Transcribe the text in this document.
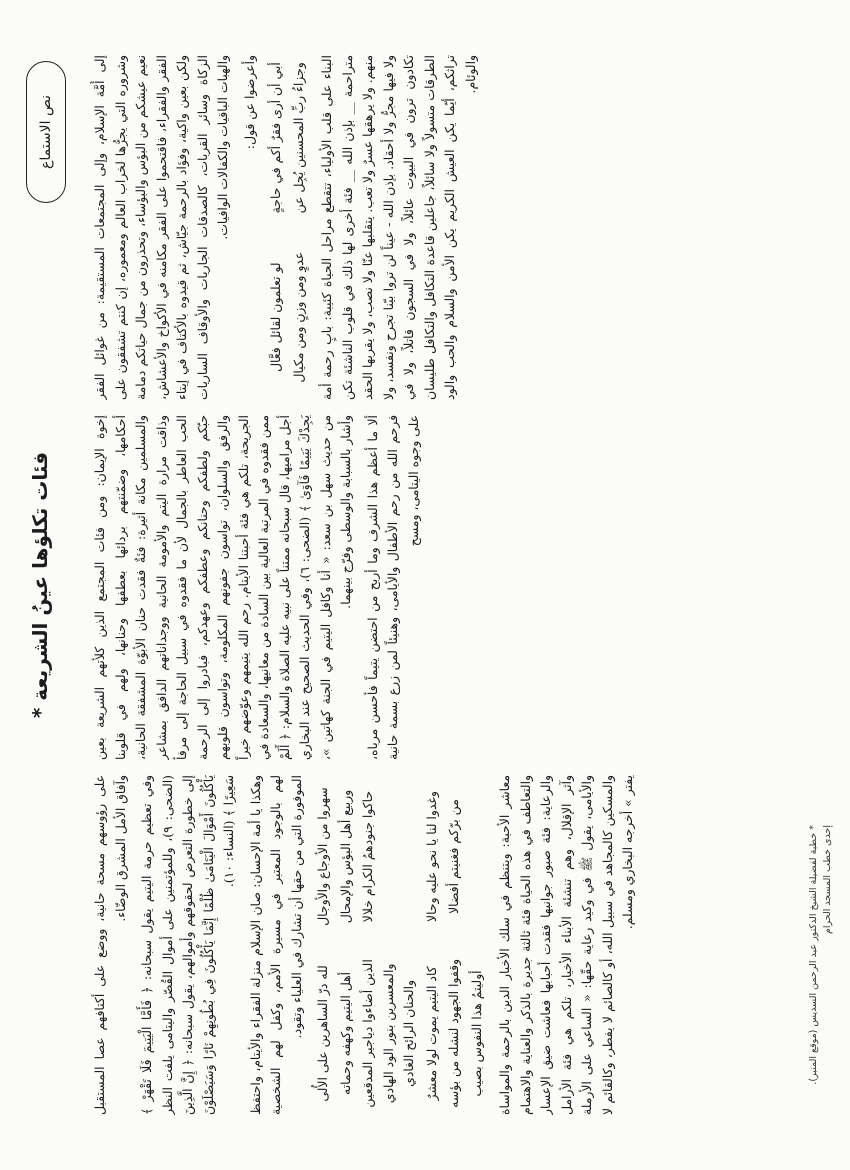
نص الاستماع
فئات تكلؤها عينُ الشريعة *

إلى أُمَّة الإسلام، وإلى المجتمعات المستقيمة: من غوائل الفقر وشروره التي يجرُّها لخراب العالم ومعموره، إن كنتم تشفقون على نعيم عيشكم من البؤس والبؤساء، وتحذرون من جمال حياتكم دمامة الفقر والفقراء، فاقتحموا على الفقر مكامنه في الأكواخ والأعشاش، ولكن بعين واكية، وفؤاد بالرحمة جيّاش، ثم قيدوه بالأكتاف في إيتاء الزكاة وسائر القربات، كالصدقات الجاريات والأوقاف الساريات والهبات الباقيات والكفالات الوافيات. وأعرضوا عن قول: أبي أن أرى فقرٌ أكم في حاجةٍ
لو تعلمون لقائل فعَّال
وجزاءُ ربِّ المحسنين يُجِل عن
عدوٍ ومن وزنٍ ومن مكيال البناء على قلب الأولياء، تتقطع مراحل الحياة كئيبة: بابٍ رحمة أمة متراحمة __ بإذن الله __ فئة أخرى لها ذلك في قلوب الناشئة تكن منهم. ولا يرهقها عسرٌ ولا تعب. يتقلبها عنّا ولا نصب، ولا يقربها الحقد ولا فيها مجرُّ ولا أحقاد. بإذن الله - عيناً لن تروا بيّنا تجرح ونفسد، ولا تكادون ترون في البيوت عائلاً، ولا في السجون قاتلاً، ولا في الطرقات متسولاً ولا سائلاً، جاعلين قاعدة التكافل والتكافل طليسان تراثكم، أيّما يكن العيش الكريم يكن الأمن والسلام والحب والود والوئام.

إخوة الإيمان: ومن فئات المجتمع الذين كلأتهم الشريعة بعين أحكامها، وضمّنتهم بردائها بعطفها وحنانها، ولهم في قلوبنا والمسلمين مكانة أثيرة: فئةٌ فقدت حنان الأبوّة المشفقة الحانية، وذاقت مرارة اليتم والأمومة الحانية ووجداناتهم الدافق بمشاعر الحب العاطر بالجمال لأن ما فقدوه في سبيل الحاجة إلى مرفأ حبّكم ولطفكم وحنانكم وعطفكم وعهدكم، فبادروا إلى الرحمة والرفق والسلوان، تواسون جفونهم المكلومة، وتواسون قلوبهم الجريحة، تلكم هي فئة أحبتنا الأيتام. رحم الله يتيمهم وعوّضهم خيراً ممن فقدوه في المرتبة العالية بين السادة من معانيها، والسعادة في أجل مراميها، قال سبحانه ممتناً على نبيه عليه الصلاة والسلام: ﴿ أَلَمْ يَجِدْكَ يَتِيمًا فَآوَىٰ ﴾ (الضحى: ٦)، وفي الحديث الصحيح عند البخاري من حديث سهل بن سعد: « أنا وكافل اليتيم في الجنة كهاتين »، وأشار بالسبابة والوسطى وفرّج بينهما. ألا ما أعظم هذا الشرف وما أربح من احتضن يتيماً فأحسن مرباه، فرحم الله من رحم الأطفال والأيامى، وهنيئاً لمن زرع بسمة حانية على وجوه اليتامى، ومسح

على رؤوسهم مسحة حانية، ووضع على أكتافهم عصا المستقبل وآفاق الأمل المشرق الوضّاء. وفي تعظيم حرمة اليتيم يقول سبحانه: ﴿ فَأَمَّا الْيَتِيمَ فَلَا تَقْهَرْ ﴾ (الضحى: ٩)، وللمؤتمنين على أموال القُصّر واليتامى يلفت النظر إلى خطورة التعرض لحقوقهم وأموالهم، يقول سبحانه: ﴿ إِنَّ الَّذِينَ يَأْكُلُونَ أَمْوَالَ الْيَتَامَىٰ ظُلْمًا إِنَّمَا يَأْكُلُونَ فِي بُطُونِهِمْ نَارًا وَسَيَصْلَوْنَ سَعِيرًا ﴾ (النساء: ١٠). وهكذا يا أمة الإحسان: صان الإسلام منزلة الفقراء والأيتام، واحتفظ لهم بالوجود المعتبر في مسيرة الأمم، وكفل لهم الشخصية الموفورة التي من حقها أن تشارك في العلياء وتقود. سهروا من الأوجاع والأوجال
لله درّ الساهرين على الأُلى
وربيع أهل البؤس والإمحال
أهل اليتيم وكهفه وحماته
حاكوا جنودهمُ الكرام خلالا
الذين أضاءوا دياجير المدقعين والمعسرين بنور الود الهادي والحنان الرائح الغادي
وغدوا لنا يا نحو عليه وحالا
كاد اليتيم يموت لولا معشرٌ
من برّكم فغنيتم أفضالا
وقفوا الجهود لنشله من بؤسه أوليتمُ هذا النفوس بصيب معاشر الأحبة: ويتنظم في سلك الأخبار الدين بالرحمة والمواساة والتعاطف في هذه الحياة فئة ثالثة جديرة بالذكر والعناية والاهتمام والرعاية: فئة صبور جوانبها فقدت أحبابها فعاشت ضيق الإعسار وآثر الإقلال، وهم تنشئة الأبناء الأخيار، تلكم هي فئة الأرامل والأيامى، يقول ﷺ في وكيد رعاية حقّها: « الساعي على الأرملة والمسكين كالمجاهد في سبيل الله، أو كالصائم لا يفطر، وكالقائم لا يفتر » أخرجه البخاري ومسلم.	* خطبة لفضيلة الشيخ الدكتور عبد الرحمن السديس (موقع المنبر). إحدى خطب المسجد الحرام
